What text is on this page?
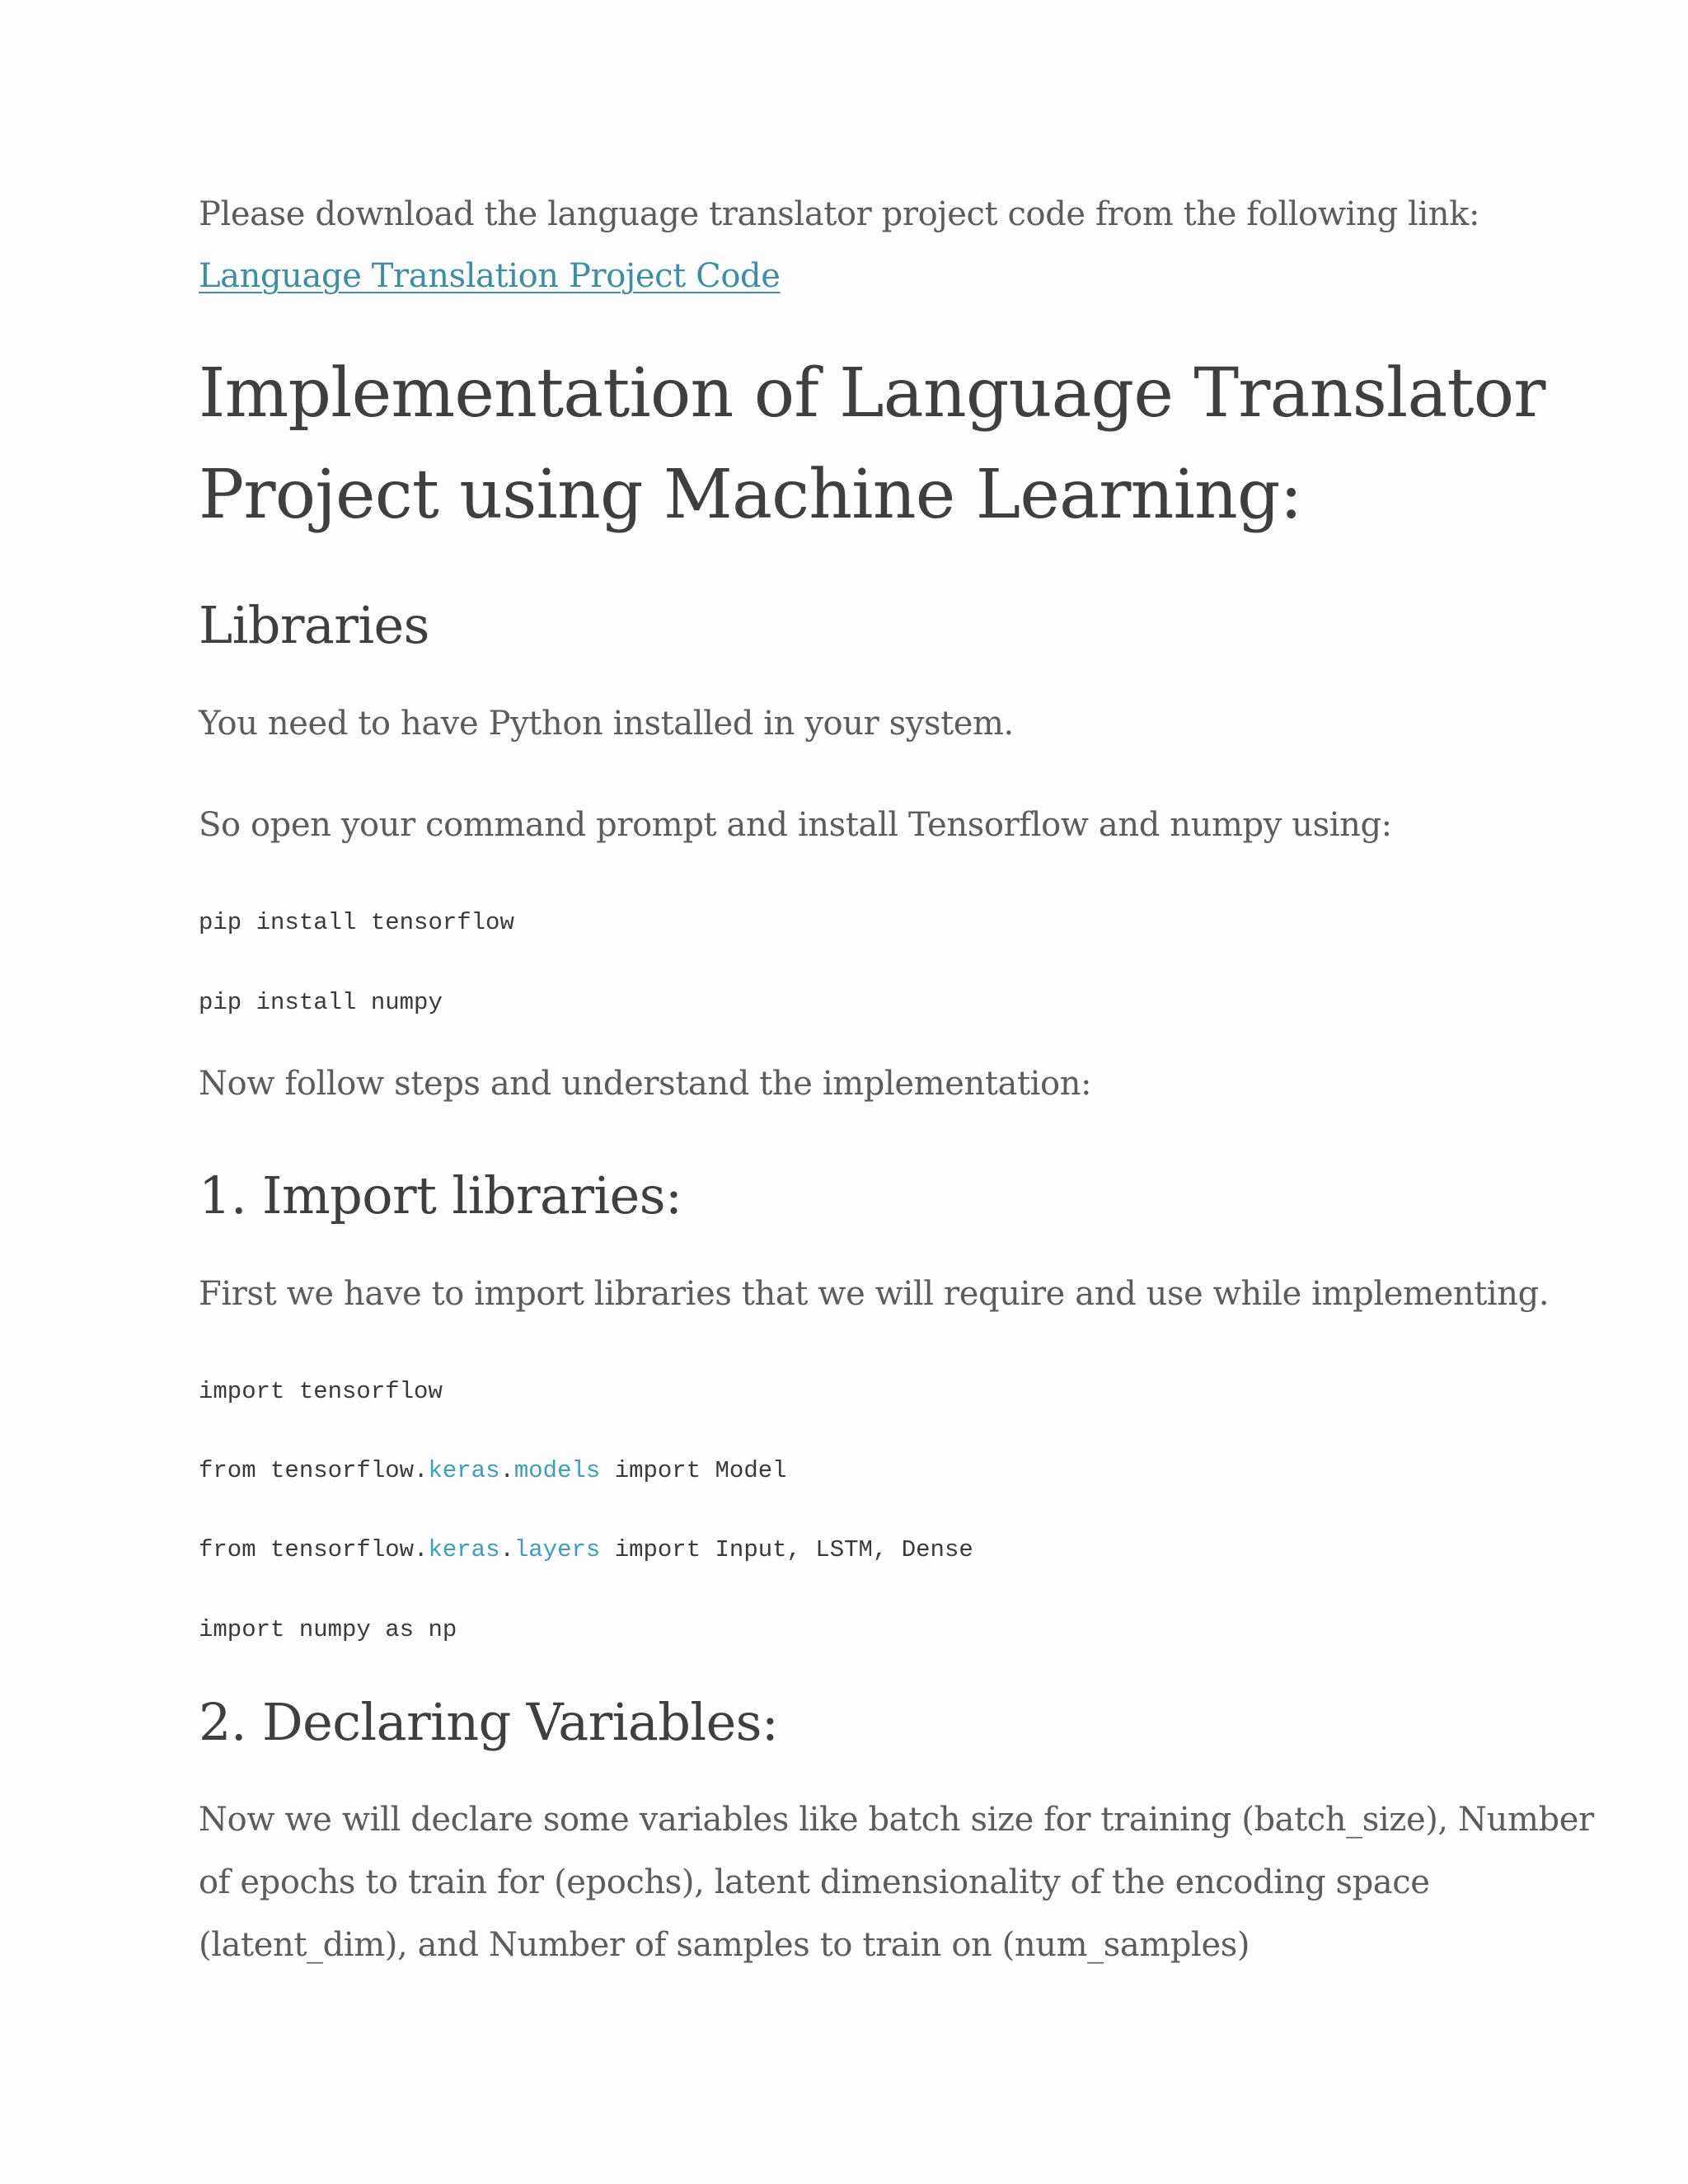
Please download the language translator project code from the following link:

Language Translation Project Code
Implementation of Language Translator
Project using Machine Learning:
Libraries

You need to have Python installed in your system.

So open your command prompt and install Tensorflow and numpy using:

pip install tensorflow
pip install numpy

Now follow steps and understand the implementation:

1. Import libraries:

First we have to import libraries that we will require and use while implementing.

import tensorflow
from tensorflow.keras.models import Model
from tensorflow.keras.layers import Input, LSTM, Dense
import numpy as np
2. Declaring Variables:

Now we will declare some variables like batch size for training (batch_size), Number

of epochs to train for (epochs), latent dimensionality of the encoding space

(latent_dim), and Number of samples to train on (num_samples)
